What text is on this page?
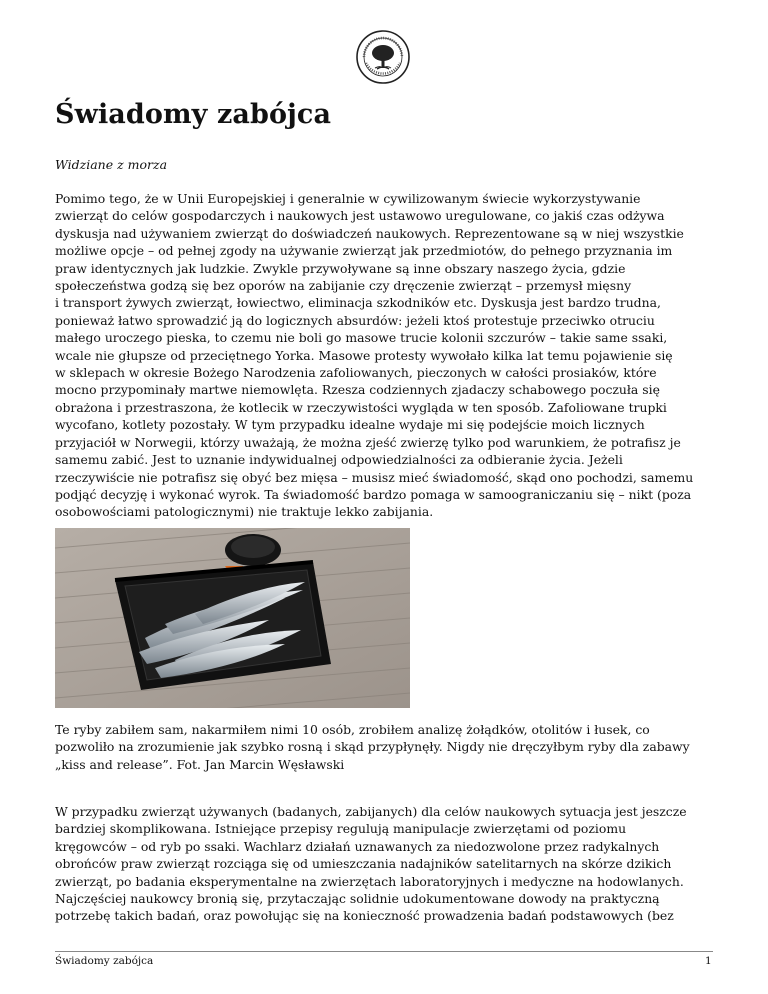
Świadomy zabójca

Widziane z morza

Pomimo tego, że w Unii Europejskiej i generalnie w cywilizowanym świecie wykorzystywanie
zwierząt do celów gospodarczych i naukowych jest ustawowo uregulowane, co jakiś czas odżywa
dyskusja nad używaniem zwierząt do doświadczeń naukowych. Reprezentowane są w niej wszystkie
możliwe opcje – od pełnej zgody na używanie zwierząt jak przedmiotów, do pełnego przyznania im
praw identycznych jak ludzkie. Zwykle przywoływane są inne obszary naszego życia, gdzie
społeczeństwa godzą się bez oporów na zabijanie czy dręczenie zwierząt – przemysł mięsny
i transport żywych zwierząt, łowiectwo, eliminacja szkodników etc. Dyskusja jest bardzo trudna,
ponieważ łatwo sprowadzić ją do logicznych absurdów: jeżeli ktoś protestuje przeciwko otruciu
małego uroczego pieska, to czemu nie boli go masowe trucie kolonii szczurów – takie same ssaki,
wcale nie głupsze od przeciętnego Yorka. Masowe protesty wywołało kilka lat temu pojawienie się
w sklepach w okresie Bożego Narodzenia zafoliowanych, pieczonych w całości prosiaków, które
mocno przypominały martwe niemowlęta. Rzesza codziennych zjadaczy schabowego poczuła się
obrażona i przestraszona, że kotlecik w rzeczywistości wygląda w ten sposób. Zafoliowane trupki
wycofano, kotlety pozostały. W tym przypadku idealne wydaje mi się podejście moich licznych
przyjaciół w Norwegii, którzy uważają, że można zjeść zwierzę tylko pod warunkiem, że potrafisz je
samemu zabić. Jest to uznanie indywidualnej odpowiedzialności za odbieranie życia. Jeżeli
rzeczywiście nie potrafisz się obyć bez mięsa – musisz mieć świadomość, skąd ono pochodzi, samemu
podjąć decyzję i wykonać wyrok. Ta świadomość bardzo pomaga w samoograniczaniu się – nikt (poza
osobowościami patologicznymi) nie traktuje lekko zabijania.
Te ryby zabiłem sam, nakarmiłem nimi 10 osób, zrobiłem analizę żołądków, otolitów i łusek, co
pozwoliło na zrozumienie jak szybko rosną i skąd przypłynęły. Nigdy nie dręczyłbym ryby dla zabawy
„kiss and release”. Fot. Jan Marcin Węsławski
W przypadku zwierząt używanych (badanych, zabijanych) dla celów naukowych sytuacja jest jeszcze
bardziej skomplikowana. Istniejące przepisy regulują manipulacje zwierzętami od poziomu
kręgowców – od ryb po ssaki. Wachlarz działań uznawanych za niedozwolone przez radykalnych
obrońców praw zwierząt rozciąga się od umieszczania nadajników satelitarnych na skórze dzikich
zwierząt, po badania eksperymentalne na zwierzętach laboratoryjnych i medyczne na hodowlanych.
Najczęściej naukowcy bronią się, przytaczając solidnie udokumentowane dowody na praktyczną
potrzebę takich badań, oraz powołując się na konieczność prowadzenia badań podstawowych (bez
Świadomy zabójca	1
